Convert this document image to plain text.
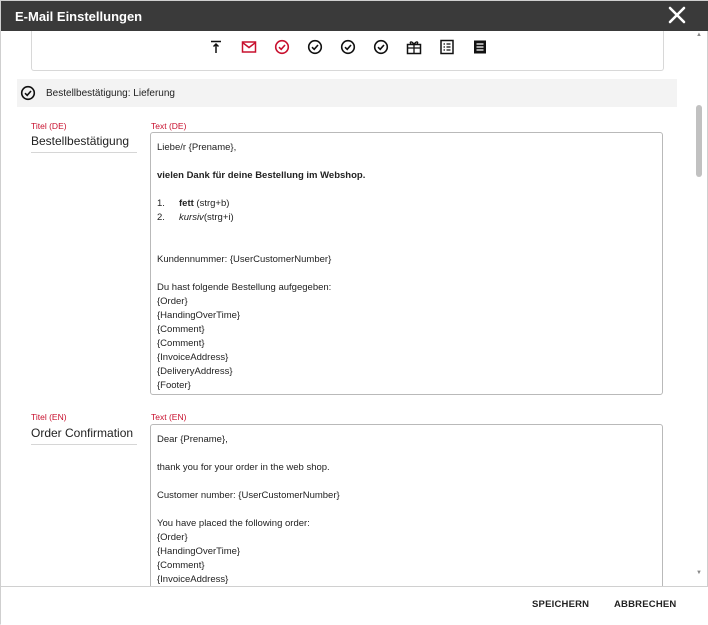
E-Mail Einstellungen
Bestellbestätigung: Lieferung
Titel (DE)
Bestellbestätigung
Text (DE)
Liebe/r {Prename},
vielen Dank für deine Bestellung im Webshop.
1.	fett (strg+b)
2.	kursiv(strg+i)
Kundennummer: {UserCustomerNumber}
Du hast folgende Bestellung aufgegeben:
{Order}
{HandingOverTime}
{Comment}
{Comment}
{InvoiceAddress}
{DeliveryAddress}
{Footer}
Titel (EN)
Order Confirmation
Text (EN)
Dear {Prename},
thank you for your order in the web shop.
Customer number: {UserCustomerNumber}
You have placed the following order:
{Order}
{HandingOverTime}
{Comment}
{InvoiceAddress}
▲
▼
SPEICHERN	ABBRECHEN
